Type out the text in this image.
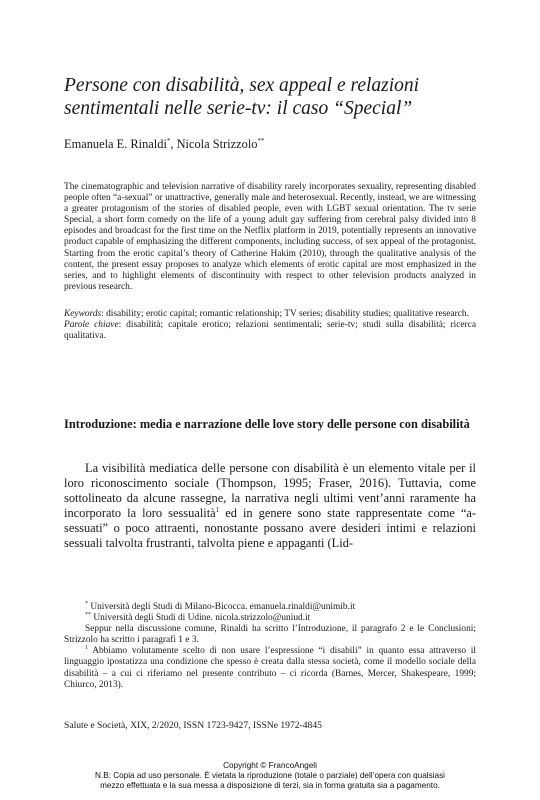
Persone con disabilità, sex appeal e relazioni sentimentali nelle serie-tv: il caso “Special”
Emanuela E. Rinaldi*, Nicola Strizzolo**
The cinematographic and television narrative of disability rarely incorporates sexuality, representing disabled people often “a-sexual” or unattractive, generally male and heterosexual. Recently, instead, we are witnessing a greater protagonism of the stories of disabled people, even with LGBT sexual orientation. The tv serie Special, a short form comedy on the life of a young adult gay suffering from cerebral palsy divided into 8 episodes and broadcast for the first time on the Netflix platform in 2019, potentially represents an innovative product capable of emphasizing the different components, including success, of sex appeal of the protagonist. Starting from the erotic capital’s theory of Catherine Hakim (2010), through the qualitative analysis of the content, the present essay proposes to analyze which elements of erotic capital are most emphasized in the series, and to highlight elements of discontinuity with respect to other television products analyzed in previous research.

Keywords: disability; erotic capital; romantic relationship; TV series; disability studies; qualitative research.

Parole chiave: disabilità; capitale erotico; relazioni sentimentali; serie-tv; studi sulla disabilità; ricerca qualitativa.

Introduzione: media e narrazione delle love story delle persone con disabilità
La visibilità mediatica delle persone con disabilità è un elemento vitale per il loro riconoscimento sociale (Thompson, 1995; Fraser, 2016). Tuttavia, come sottolineato da alcune rassegne, la narrativa negli ultimi vent’anni raramente ha incorporato la loro sessualità$^1$ ed in genere sono state rappresentate come “a-sessuati” o poco attraenti, nonostante possano avere desideri intimi e relazioni sessuali talvolta frustranti, talvolta piene e appaganti (Lid-

* Università degli Studi di Milano-Bicocca. emanuela.rinaldi@unimib.it

** Università degli Studi di Udine. nicola.strizzolo@uniud.it

Seppur nella discussione comune, Rinaldi ha scritto l’Introduzione, il paragrafo 2 e le Conclusioni; Strizzolo ha scritto i paragrafi 1 e 3.

$^1$ Abbiamo volutamente scelto di non usare l’espressione “i disabili” in quanto essa attraverso il linguaggio ipostatizza una condizione che spesso è creata dalla stessa società, come il modello sociale della disabilità – a cui ci riferiamo nel presente contributo – ci ricorda (Barnes, Mercer, Shakespeare, 1999; Chiurco, 2013).

Salute e Società, XIX, 2/2020, ISSN 1723-9427, ISSNe 1972-4845
Copyright © FrancoAngeli
N.B: Copia ad uso personale. È vietata la riproduzione (totale o parziale) dell’opera con qualsiasi
mezzo effettuata e la sua messa a disposizione di terzi, sia in forma gratuita sia a pagamento.
